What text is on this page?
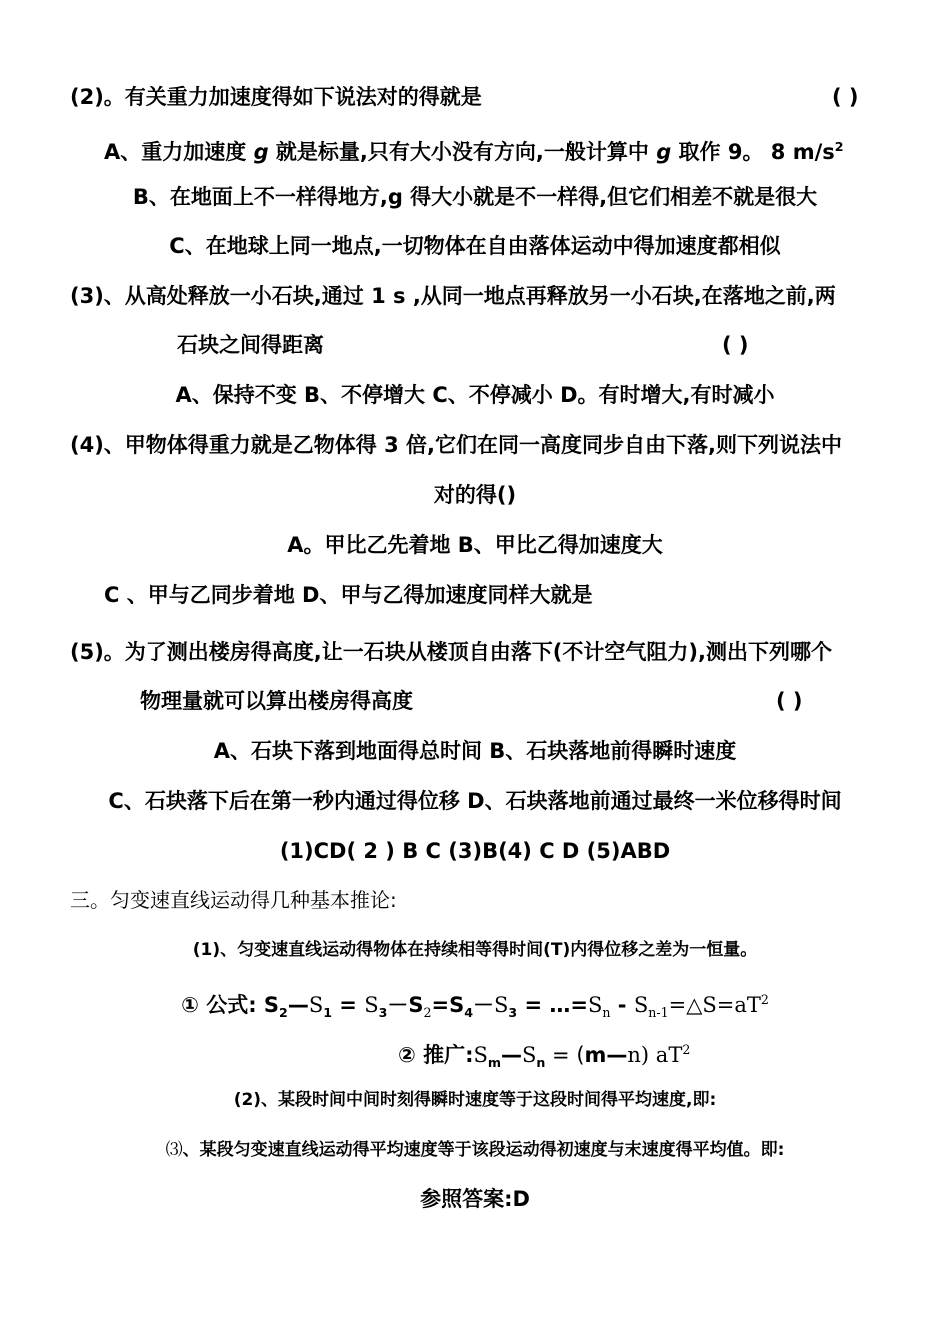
(2)。有关重力加速度得如下说法对的得就是	( )
A、重力加速度 g 就是标量,只有大小没有方向,一般计算中 g 取作 9。 8 $m/s^2$
B、在地面上不一样得地方,g 得大小就是不一样得,但它们相差不就是很大
C、在地球上同一地点,一切物体在自由落体运动中得加速度都相似
(3)、从高处释放一小石块,通过 1 s ,从同一地点再释放另一小石块,在落地之前,两
石块之间得距离	( )
A、保持不变 B、不停增大 C、不停减小 D。有时增大,有时减小
(4)、甲物体得重力就是乙物体得 3 倍,它们在同一高度同步自由下落,则下列说法中
对的得()
A。甲比乙先着地 B、甲比乙得加速度大
C 、甲与乙同步着地 D、甲与乙得加速度同样大就是
(5)。为了测出楼房得高度,让一石块从楼顶自由落下(不计空气阻力),测出下列哪个
物理量就可以算出楼房得高度	( )
A、石块下落到地面得总时间 B、石块落地前得瞬时速度
C、石块落下后在第一秒内通过得位移 D、石块落地前通过最终一米位移得时间
(1)CD( 2 ) B C (3)B(4) C D (5)ABD
三。匀变速直线运动得几种基本推论:
(1)、匀变速直线运动得物体在持续相等得时间(T)内得位移之差为一恒量。
① 公式: $S_2—S_1 = S_3-S_2=S_4-S_3$ = $\dots=S_n$ - $S_{n-1}=\triangle S=aT^2$
② 推广$:S_m—S_n$ = (m—n) $aT^2$
(2)、某段时间中间时刻得瞬时速度等于这段时间得平均速度,即:
⑶、某段匀变速直线运动得平均速度等于该段运动得初速度与末速度得平均值。即:
参照答案:D
